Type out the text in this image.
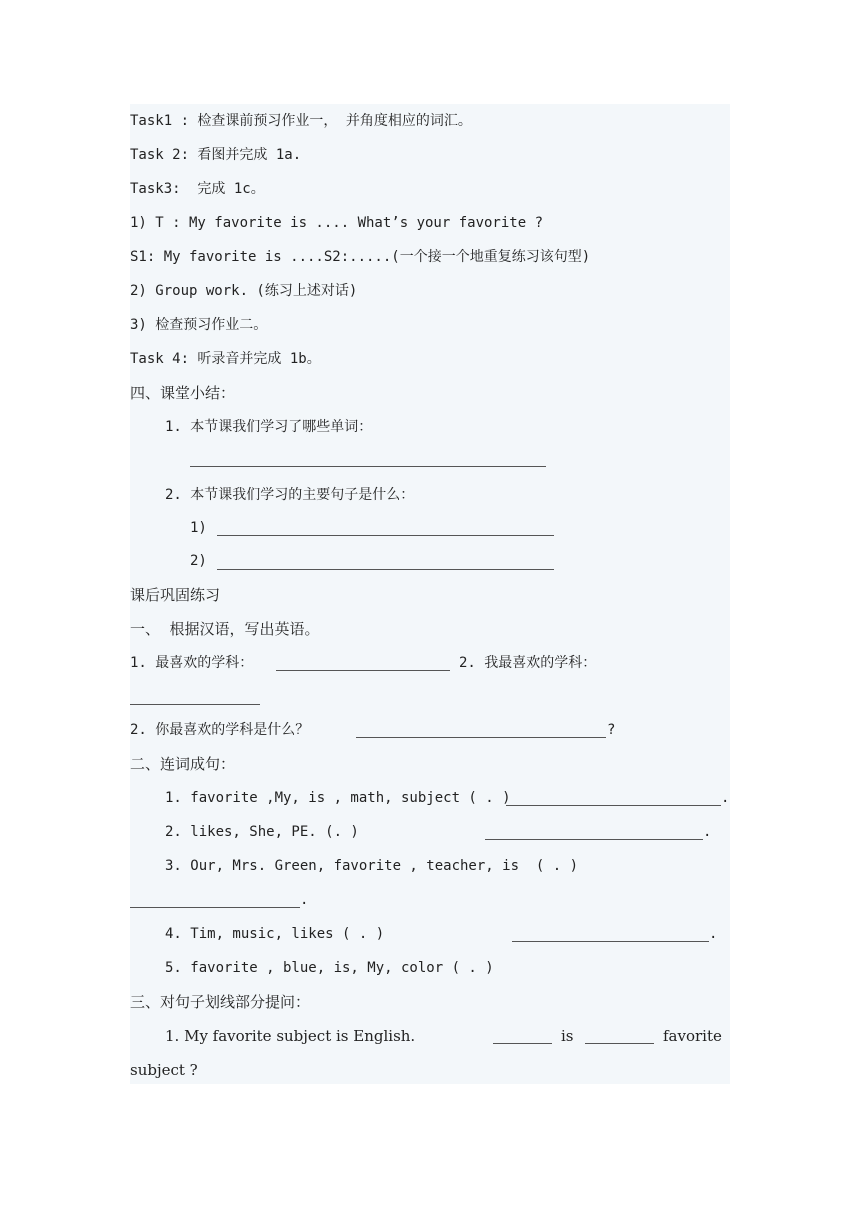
Task1 : 检查课前预习作业一， 并角度相应的词汇。
Task 2: 看图并完成 1a.
Task3:  完成 1c。
1) T : My favorite is .... What’s your favorite ?
S1: My favorite is ....S2:.....(一个接一个地重复练习该句型)
2) Group work. (练习上述对话)
3) 检查预习作业二。
Task 4: 听录音并完成 1b。
四、课堂小结：
1. 本节课我们学习了哪些单词：
2. 本节课我们学习的主要句子是什么：
1)
2)
课后巩固练习
一、  根据汉语，写出英语。
1. 最喜欢的学科：	2. 我最喜欢的学科：
2. 你最喜欢的学科是什么？	?
二、连词成句：
1. favorite ,My, is , math, subject ( . )	.
2. likes, She, PE. (. )	.
3. Our, Mrs. Green, favorite , teacher, is  ( . )
.
4. Tim, music, likes ( . )	.
5. favorite , blue, is, My, color ( . )
三、对句子划线部分提问：
1. My favorite subject is English.	is	favorite
subject ?
